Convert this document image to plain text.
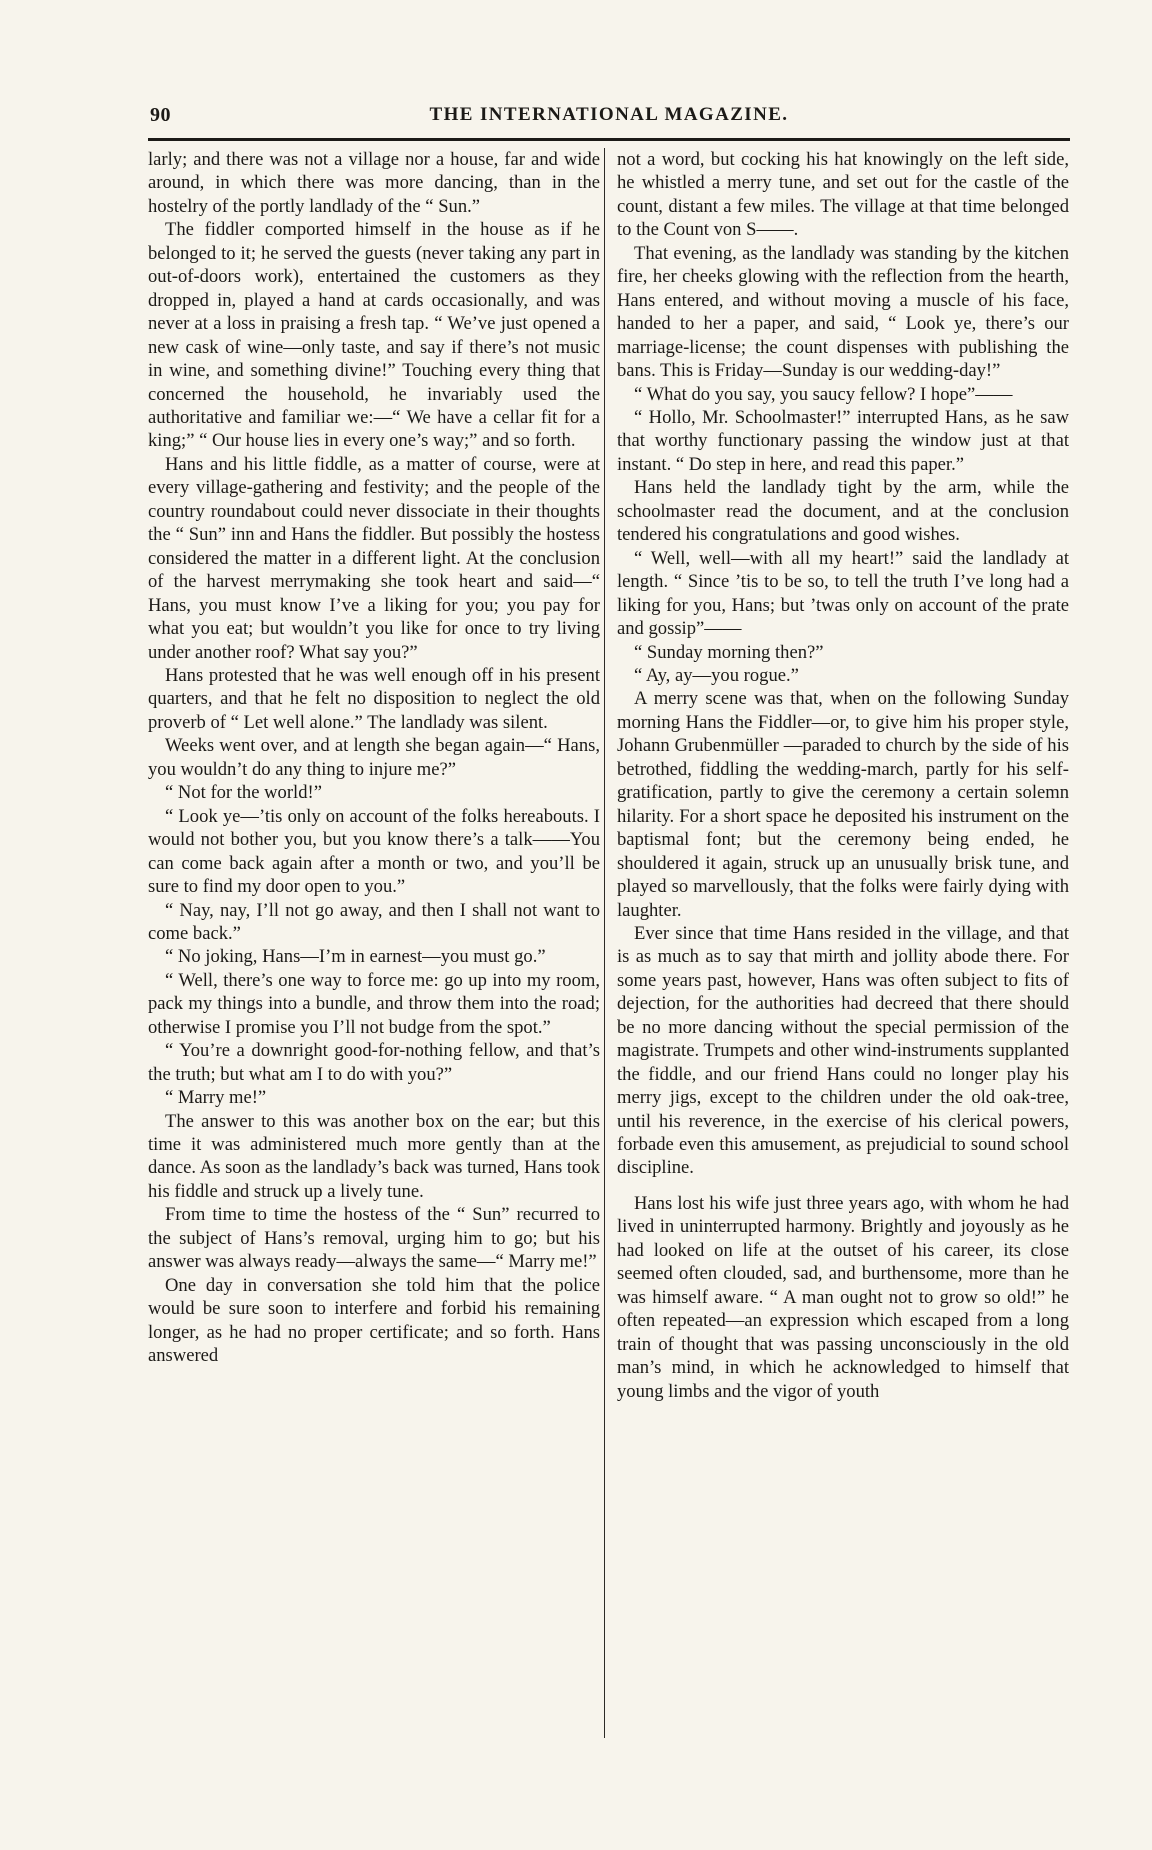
90	THE INTERNATIONAL MAGAZINE.

larly; and there was not a village nor a house, far and wide around, in which there was more dancing, than in the hostelry of the portly landlady of the “ Sun.”

The fiddler comported himself in the house as if he belonged to it; he served the guests (never taking any part in out-of-doors work), entertained the customers as they dropped in, played a hand at cards occasionally, and was never at a loss in praising a fresh tap. “ We’ve just opened a new cask of wine—only taste, and say if there’s not music in wine, and something divine!” Touching every thing that concerned the household, he invariably used the authoritative and familiar we:—“ We have a cellar fit for a king;” “ Our house lies in every one’s way;” and so forth.

Hans and his little fiddle, as a matter of course, were at every village-gathering and festivity; and the people of the country roundabout could never dissociate in their thoughts the “ Sun” inn and Hans the fiddler. But possibly the hostess considered the matter in a different light. At the conclusion of the harvest merrymaking she took heart and said—“ Hans, you must know I’ve a liking for you; you pay for what you eat; but wouldn’t you like for once to try living under another roof? What say you?”

Hans protested that he was well enough off in his present quarters, and that he felt no disposition to neglect the old proverb of “ Let well alone.” The landlady was silent.

Weeks went over, and at length she began again—“ Hans, you wouldn’t do any thing to injure me?”

“ Not for the world!”

“ Look ye—’tis only on account of the folks hereabouts. I would not bother you, but you know there’s a talk——You can come back again after a month or two, and you’ll be sure to find my door open to you.”

“ Nay, nay, I’ll not go away, and then I shall not want to come back.”

“ No joking, Hans—I’m in earnest—you must go.”

“ Well, there’s one way to force me: go up into my room, pack my things into a bundle, and throw them into the road; otherwise I promise you I’ll not budge from the spot.”

“ You’re a downright good-for-nothing fellow, and that’s the truth; but what am I to do with you?”

“ Marry me!”

The answer to this was another box on the ear; but this time it was administered much more gently than at the dance. As soon as the landlady’s back was turned, Hans took his fiddle and struck up a lively tune.

From time to time the hostess of the “ Sun” recurred to the subject of Hans’s removal, urging him to go; but his answer was always ready—always the same—“ Marry me!”

One day in conversation she told him that the police would be sure soon to interfere and forbid his remaining longer, as he had no proper certificate; and so forth. Hans answered

not a word, but cocking his hat knowingly on the left side, he whistled a merry tune, and set out for the castle of the count, distant a few miles. The village at that time belonged to the Count von S——.

That evening, as the landlady was standing by the kitchen fire, her cheeks glowing with the reflection from the hearth, Hans entered, and without moving a muscle of his face, handed to her a paper, and said, “ Look ye, there’s our marriage-license; the count dispenses with publishing the bans. This is Friday—Sunday is our wedding-day!”

“ What do you say, you saucy fellow? I hope”——

“ Hollo, Mr. Schoolmaster!” interrupted Hans, as he saw that worthy functionary passing the window just at that instant. “ Do step in here, and read this paper.”

Hans held the landlady tight by the arm, while the schoolmaster read the document, and at the conclusion tendered his congratulations and good wishes.

“ Well, well—with all my heart!” said the landlady at length. “ Since ’tis to be so, to tell the truth I’ve long had a liking for you, Hans; but ’twas only on account of the prate and gossip”——

“ Sunday morning then?”

“ Ay, ay—you rogue.”

A merry scene was that, when on the following Sunday morning Hans the Fiddler—or, to give him his proper style, Johann Grubenmüller —paraded to church by the side of his betrothed, fiddling the wedding-march, partly for his self-gratification, partly to give the ceremony a certain solemn hilarity. For a short space he deposited his instrument on the baptismal font; but the ceremony being ended, he shouldered it again, struck up an unusually brisk tune, and played so marvellously, that the folks were fairly dying with laughter.

Ever since that time Hans resided in the village, and that is as much as to say that mirth and jollity abode there. For some years past, however, Hans was often subject to fits of dejection, for the authorities had decreed that there should be no more dancing without the special permission of the magistrate. Trumpets and other wind-instruments supplanted the fiddle, and our friend Hans could no longer play his merry jigs, except to the children under the old oak-tree, until his reverence, in the exercise of his clerical powers, forbade even this amusement, as prejudicial to sound school discipline.

Hans lost his wife just three years ago, with whom he had lived in uninterrupted harmony. Brightly and joyously as he had looked on life at the outset of his career, its close seemed often clouded, sad, and burthensome, more than he was himself aware. “ A man ought not to grow so old!” he often repeated—an expression which escaped from a long train of thought that was passing unconsciously in the old man’s mind, in which he acknowledged to himself that young limbs and the vigor of youth
